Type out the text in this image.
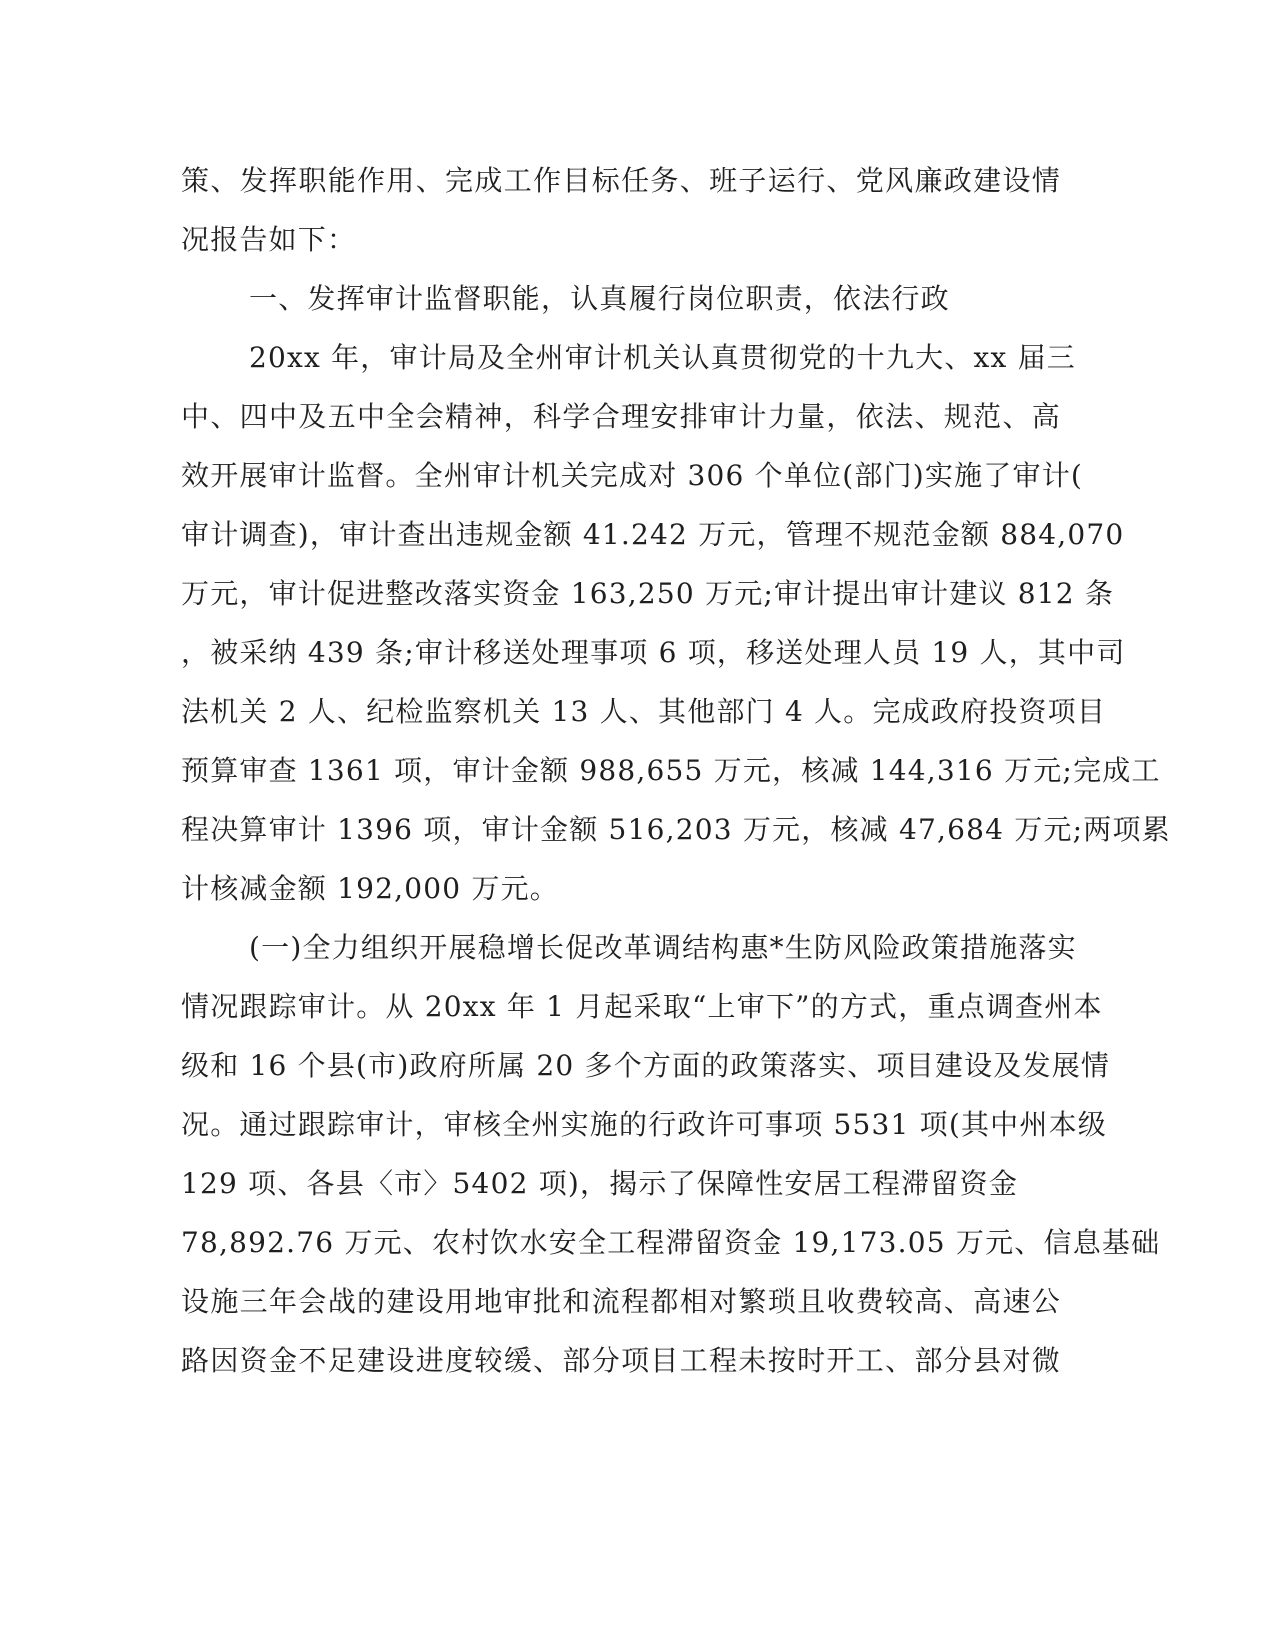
策、发挥职能作用、完成工作目标任务、班子运行、党风廉政建设情
况报告如下：
一、发挥审计监督职能，认真履行岗位职责，依法行政
20xx 年，审计局及全州审计机关认真贯彻党的十九大、xx 届三
中、四中及五中全会精神，科学合理安排审计力量，依法、规范、高
效开展审计监督。全州审计机关完成对 306 个单位(部门)实施了审计(
审计调查)，审计查出违规金额 41.242 万元，管理不规范金额 884,070
万元，审计促进整改落实资金 163,250 万元;审计提出审计建议 812 条
，被采纳 439 条;审计移送处理事项 6 项，移送处理人员 19 人，其中司
法机关 2 人、纪检监察机关 13 人、其他部门 4 人。完成政府投资项目
预算审查 1361 项，审计金额 988,655 万元，核减 144,316 万元;完成工
程决算审计 1396 项，审计金额 516,203 万元，核减 47,684 万元;两项累
计核减金额 192,000 万元。
(一)全力组织开展稳增长促改革调结构惠*生防风险政策措施落实
情况跟踪审计。从 20xx 年 1 月起采取“上审下”的方式，重点调查州本
级和 16 个县(市)政府所属 20 多个方面的政策落实、项目建设及发展情
况。通过跟踪审计，审核全州实施的行政许可事项 5531 项(其中州本级
129 项、各县〈市〉5402 项)，揭示了保障性安居工程滞留资金
78,892.76 万元、农村饮水安全工程滞留资金 19,173.05 万元、信息基础
设施三年会战的建设用地审批和流程都相对繁琐且收费较高、高速公
路因资金不足建设进度较缓、部分项目工程未按时开工、部分县对微
